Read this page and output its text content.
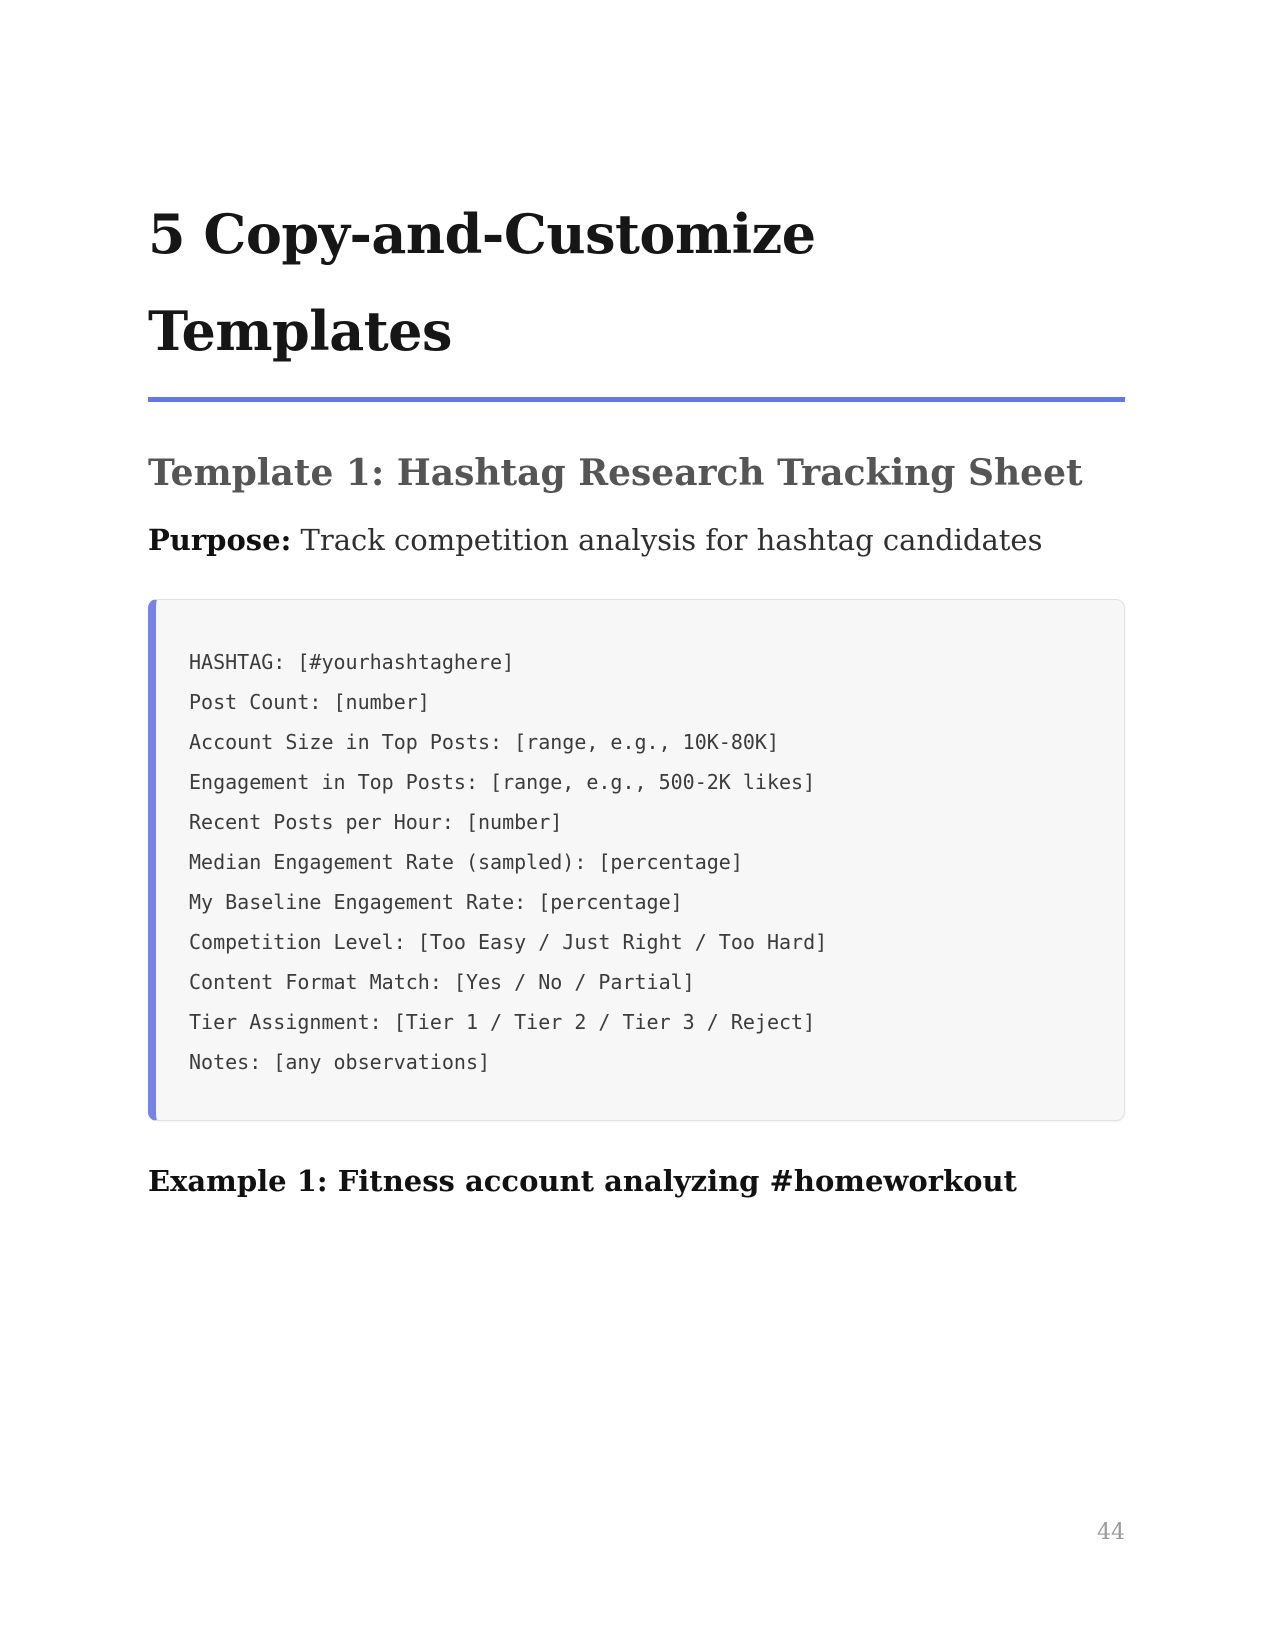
5 Copy-and-Customize Templates
Template 1: Hashtag Research Tracking Sheet

Purpose: Track competition analysis for hashtag candidates

HASHTAG: [#yourhashtaghere]
Post Count: [number]
Account Size in Top Posts: [range, e.g., 10K-80K]
Engagement in Top Posts: [range, e.g., 500-2K likes]
Recent Posts per Hour: [number]
Median Engagement Rate (sampled): [percentage]
My Baseline Engagement Rate: [percentage]
Competition Level: [Too Easy / Just Right / Too Hard]
Content Format Match: [Yes / No / Partial]
Tier Assignment: [Tier 1 / Tier 2 / Tier 3 / Reject]
Notes: [any observations]
Example 1: Fitness account analyzing #homeworkout
44
